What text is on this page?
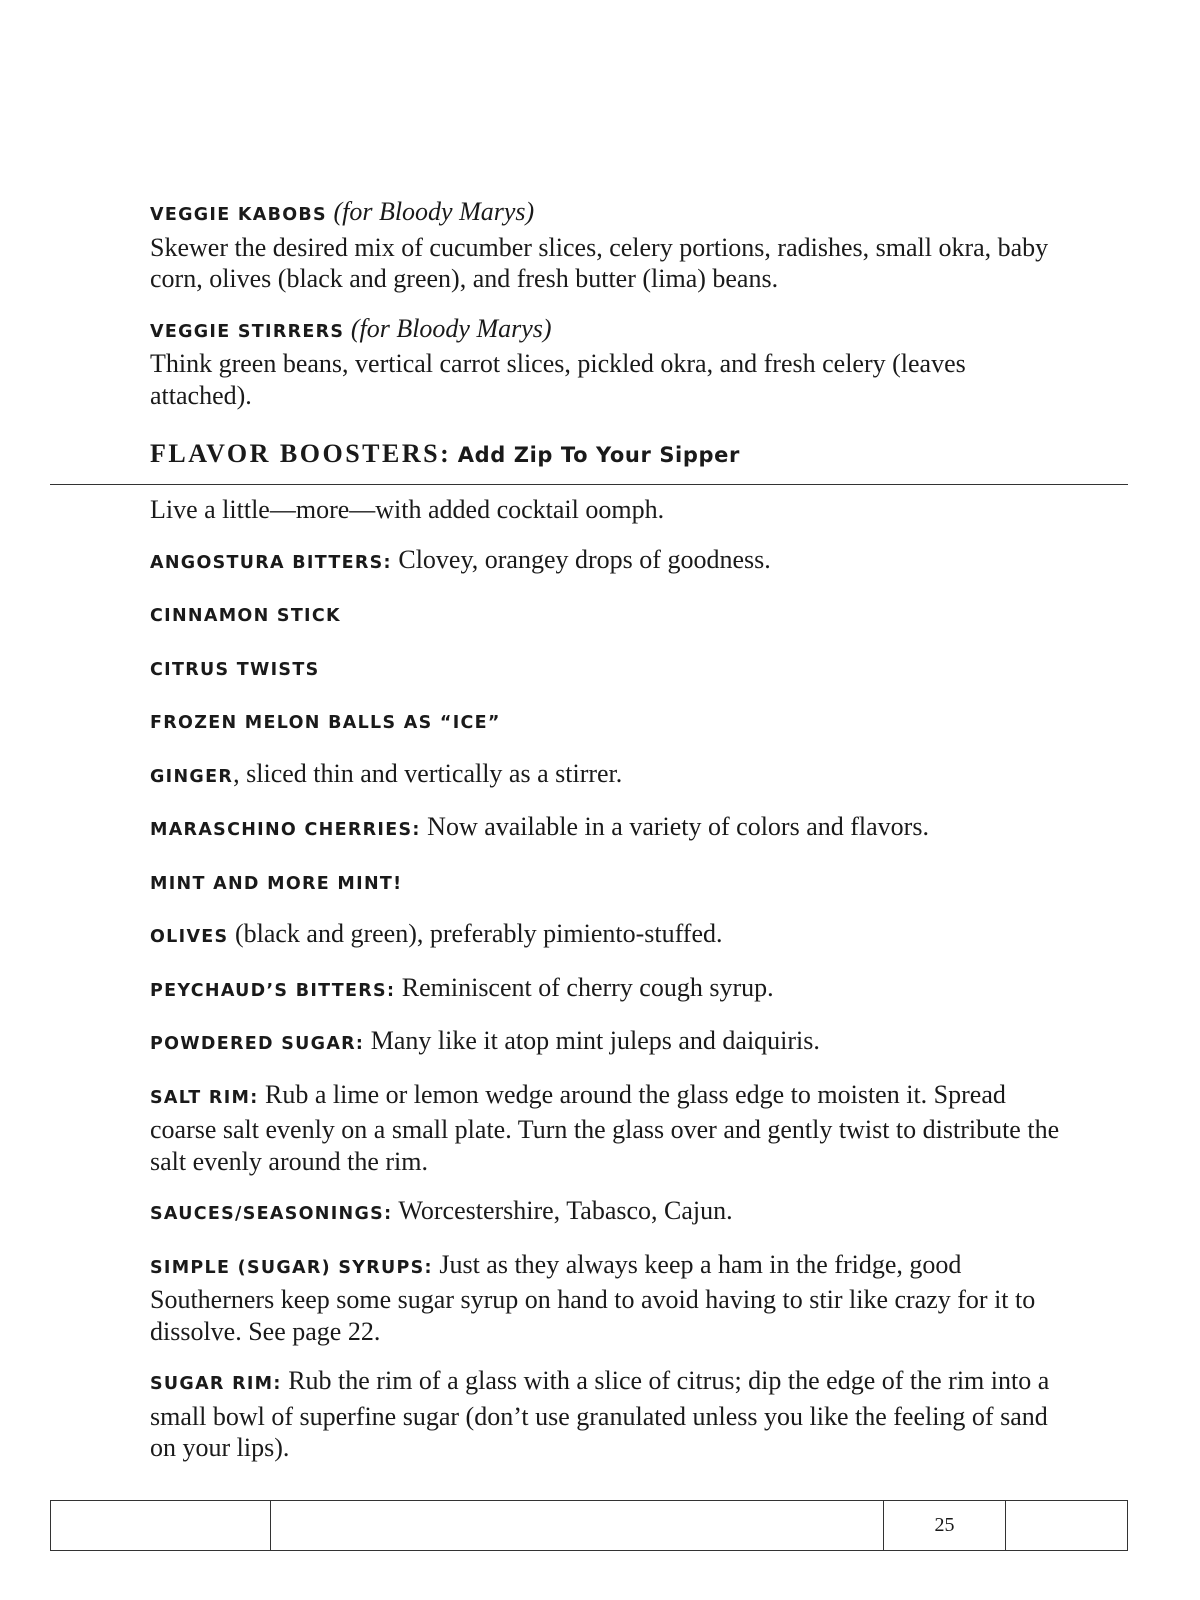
VEGGIE KABOBS (for Bloody Marys)
Skewer the desired mix of cucumber slices, celery portions, radishes, small okra, baby corn, olives (black and green), and fresh butter (lima) beans.

VEGGIE STIRRERS (for Bloody Marys)
Think green beans, vertical carrot slices, pickled okra, and fresh celery (leaves attached).

FLAVOR BOOSTERS: Add Zip To Your Sipper

Live a little—more—with added cocktail oomph.

ANGOSTURA BITTERS: Clovey, orangey drops of goodness.

CINNAMON STICK

CITRUS TWISTS

FROZEN MELON BALLS AS “ICE”

GINGER, sliced thin and vertically as a stirrer.

MARASCHINO CHERRIES: Now available in a variety of colors and flavors.

MINT AND MORE MINT!

OLIVES (black and green), preferably pimiento-stuffed.

PEYCHAUD’S BITTERS: Reminiscent of cherry cough syrup.

POWDERED SUGAR: Many like it atop mint juleps and daiquiris.

SALT RIM: Rub a lime or lemon wedge around the glass edge to moisten it. Spread coarse salt evenly on a small plate. Turn the glass over and gently twist to distribute the salt evenly around the rim.

SAUCES/SEASONINGS: Worcestershire, Tabasco, Cajun.

SIMPLE (SUGAR) SYRUPS: Just as they always keep a ham in the fridge, good Southerners keep some sugar syrup on hand to avoid having to stir like crazy for it to dissolve. See page 22.

SUGAR RIM: Rub the rim of a glass with a slice of citrus; dip the edge of the rim into a small bowl of superfine sugar (don’t use granulated unless you like the feeling of sand on your lips).

25
